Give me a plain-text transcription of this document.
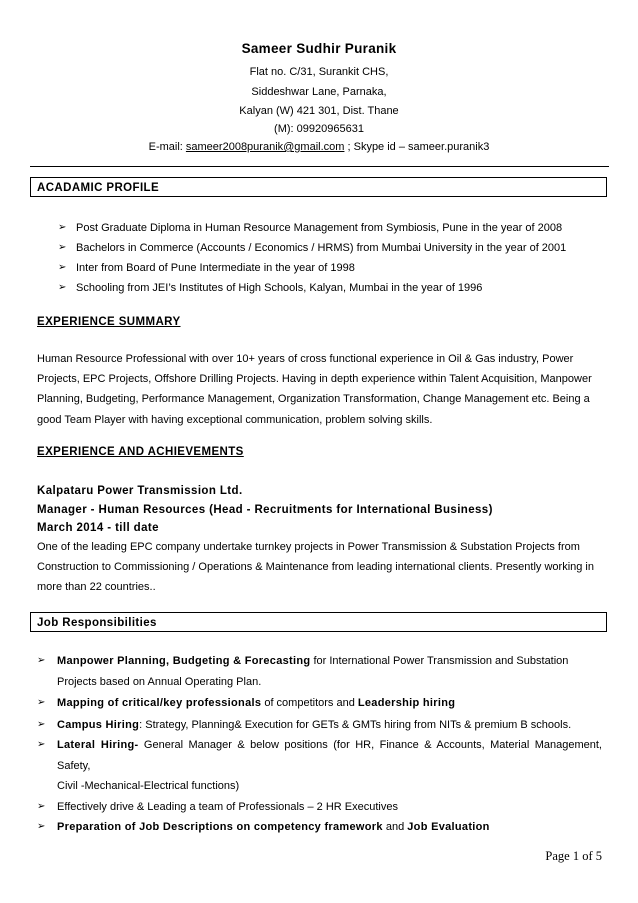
Sameer Sudhir Puranik
Flat no. C/31, Surankit CHS,
Siddeshwar Lane, Parnaka,
Kalyan (W) 421 301, Dist. Thane
(M): 09920965631
E-mail: sameer2008puranik@gmail.com ; Skype id – sameer.puranik3
ACADAMIC PROFILE
➢ Post Graduate Diploma in Human Resource Management from Symbiosis, Pune in the year of 2008
➢ Bachelors in Commerce (Accounts / Economics / HRMS) from Mumbai University in the year of 2001
➢ Inter from Board of Pune Intermediate in the year of 1998
➢ Schooling from JEI’s Institutes of High Schools, Kalyan, Mumbai in the year of 1996
EXPERIENCE SUMMARY
Human Resource Professional with over 10+ years of cross functional experience in Oil & Gas industry, Power
Projects, EPC Projects, Offshore Drilling Projects. Having in depth experience within Talent Acquisition, Manpower
Planning, Budgeting, Performance Management, Organization Transformation, Change Management etc. Being a
good Team Player with having exceptional communication, problem solving skills.
EXPERIENCE AND ACHIEVEMENTS
Kalpataru Power Transmission Ltd.
Manager - Human Resources (Head - Recruitments for International Business)
March 2014 - till date
One of the leading EPC company undertake turnkey projects in Power Transmission & Substation Projects from
Construction to Commissioning / Operations & Maintenance from leading international clients. Presently working in
more than 22 countries..
Job Responsibilities
➢ Manpower Planning, Budgeting & Forecasting for International Power Transmission and Substation
Projects based on Annual Operating Plan.
➢ Mapping of critical/key professionals of competitors and Leadership hiring
➢ Campus Hiring: Strategy, Planning& Execution for GETs & GMTs hiring from NITs & premium B schools.
➢ Lateral Hiring- General Manager & below positions (for HR, Finance & Accounts, Material Management, Safety,
Civil -Mechanical-Electrical functions)
➢ Effectively drive & Leading a team of Professionals – 2 HR Executives
➢ Preparation of Job Descriptions on competency framework and Job Evaluation
Page 1 of 5
